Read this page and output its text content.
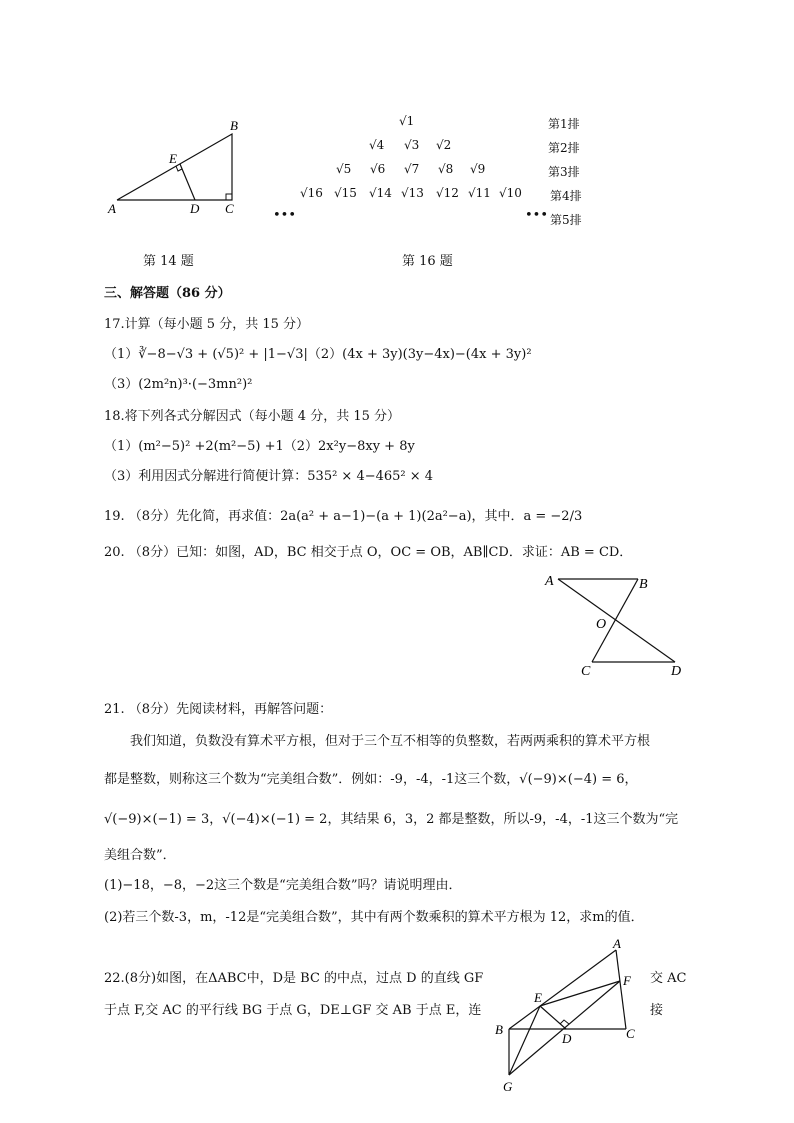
A
B
C
D
E
第 14 题
√1
√4 √3 √2
√5 √6 √7 √8 √9
√16 √15 √14 √13 √12 √11 √10
•••	•••
第1排
第2排
第3排
第4排
第5排
第 16 题
三、解答题（86 分）
17.计算（每小题 5 分，共 15 分）
（1）∛−8−√3 + (√5)² + |1−√3|（2）(4x + 3y)(3y−4x)−(4x + 3y)²
（3）(2m²n)³·(−3mn²)²
18.将下列各式分解因式（每小题 4 分，共 15 分）
（1）(m²−5)² +2(m²−5) +1（2）2x²y−8xy + 8y
（3）利用因式分解进行简便计算：535² × 4−465² × 4
19. （8分）先化简，再求值：2a(a² + a−1)−(a + 1)(2a²−a)，其中．a = −2/3
20. （8分）已知：如图，AD，BC 相交于点 O，OC = OB，AB∥CD．求证：AB = CD．
A	B
O
C	D
21. （8分）先阅读材料，再解答问题：
我们知道，负数没有算术平方根，但对于三个互不相等的负整数，若两两乘积的算术平方根
都是整数，则称这三个数为“完美组合数”．例如：-9，-4，-1这三个数，√(−9)×(−4) = 6，
√(−9)×(−1) = 3，√(−4)×(−1) = 2，其结果 6，3，2 都是整数，所以-9，-4，-1这三个数为“完
美组合数”．
(1)−18，−8，−2这三个数是“完美组合数”吗？请说明理由．
(2)若三个数-3，m，-12是“完美组合数”，其中有两个数乘积的算术平方根为 12，求m的值．
22.(8分)如图，在ΔABC中，D是 BC 的中点，过点 D 的直线 GF	交 AC
于点 F,交 AC 的平行线 BG 于点 G，DE⊥GF 交 AB 于点 E，连	接
A
B	C
D
E
F
G
